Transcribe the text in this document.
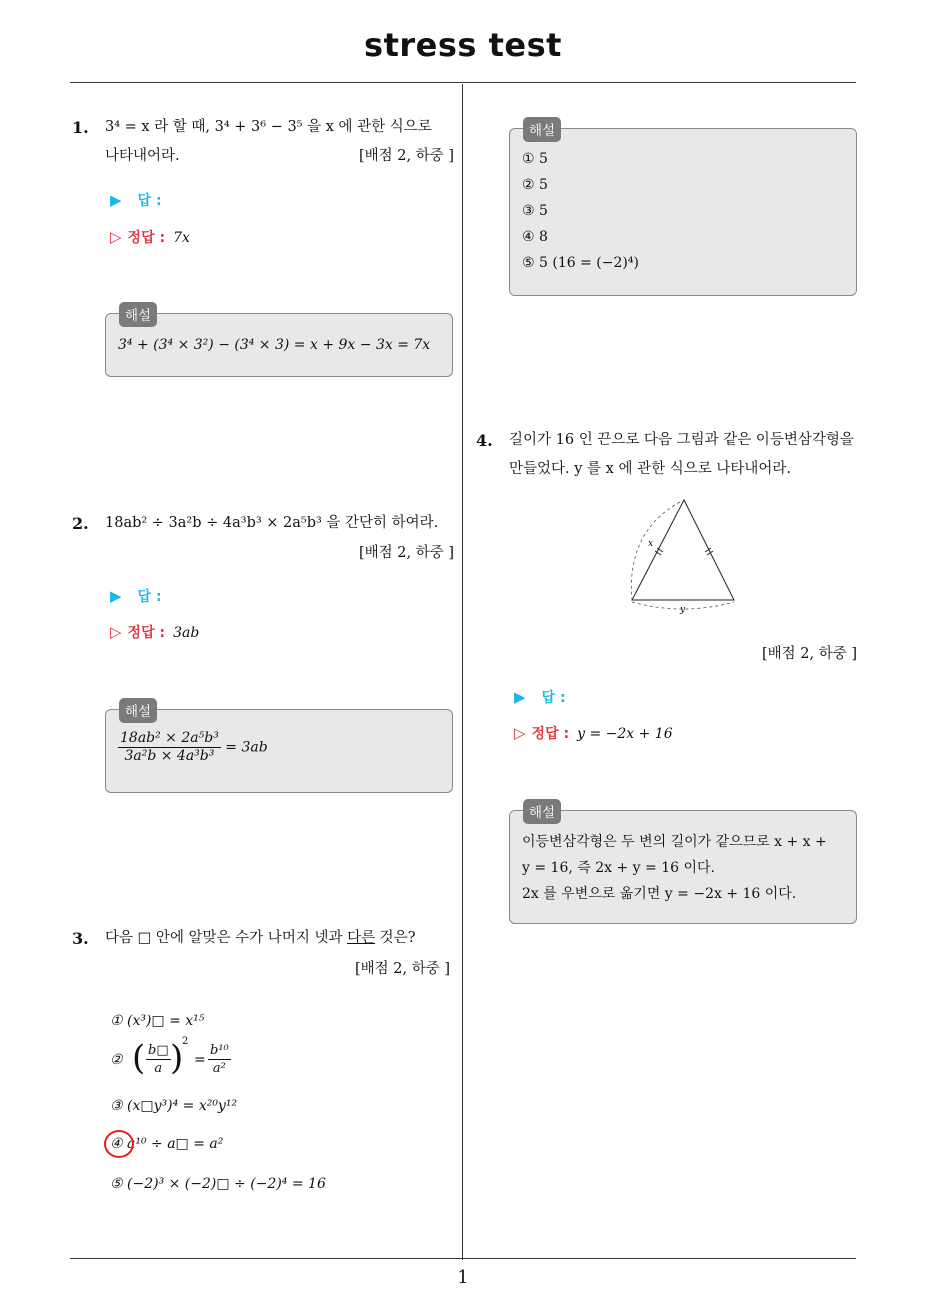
stress test
1
1. 3⁴ = x 라 할 때, 3⁴ + 3⁶ − 3⁵ 을 x 에 관한 식으로
나타내어라.	[배점 2, 하중 ]
▶ 답 :
▷ 정답 : 7x
해설
3⁴ + (3⁴ × 3²) − (3⁴ × 3) = x + 9x − 3x = 7x
2. 18ab² ÷ 3a²b ÷ 4a³b³ × 2a⁵b³ 을 간단히 하여라.
[배점 2, 하중 ]
▶ 답 :
▷ 정답 : 3ab
해설
$\frac{\text{18ab² × 2a⁵b³}}{\text{3a²b × 4a³b³}} = 3ab$
3. 다음 □ 안에 알맞은 수가 나머지 넷과 다른 것은?
[배점 2, 하중 ]
① (x³)□ = x¹⁵
② ( $\frac{b□}{a}$ )
2
= $\frac{\text{b¹⁰}}{\text{a²}}$
③ (x□y³)⁴ = x²⁰y¹²
④ a¹⁰ ÷ a□ = a²
⑤ (−2)³ × (−2)□ ÷ (−2)⁴ = 16
해설
① 5
② 5
③ 5
④ 8
⑤ 5 (16 = (−2)⁴)
4. 길이가 16 인 끈으로 다음 그림과 같은 이등변삼각형을
만들었다. y 를 x 에 관한 식으로 나타내어라.
x
y
[배점 2, 하중 ]
▶ 답 :
▷ 정답 : y = −2x + 16
해설
이등변삼각형은 두 변의 길이가 같으므로 x + x +
y = 16, 즉 2x + y = 16 이다.
2x 를 우변으로 옮기면 y = −2x + 16 이다.
